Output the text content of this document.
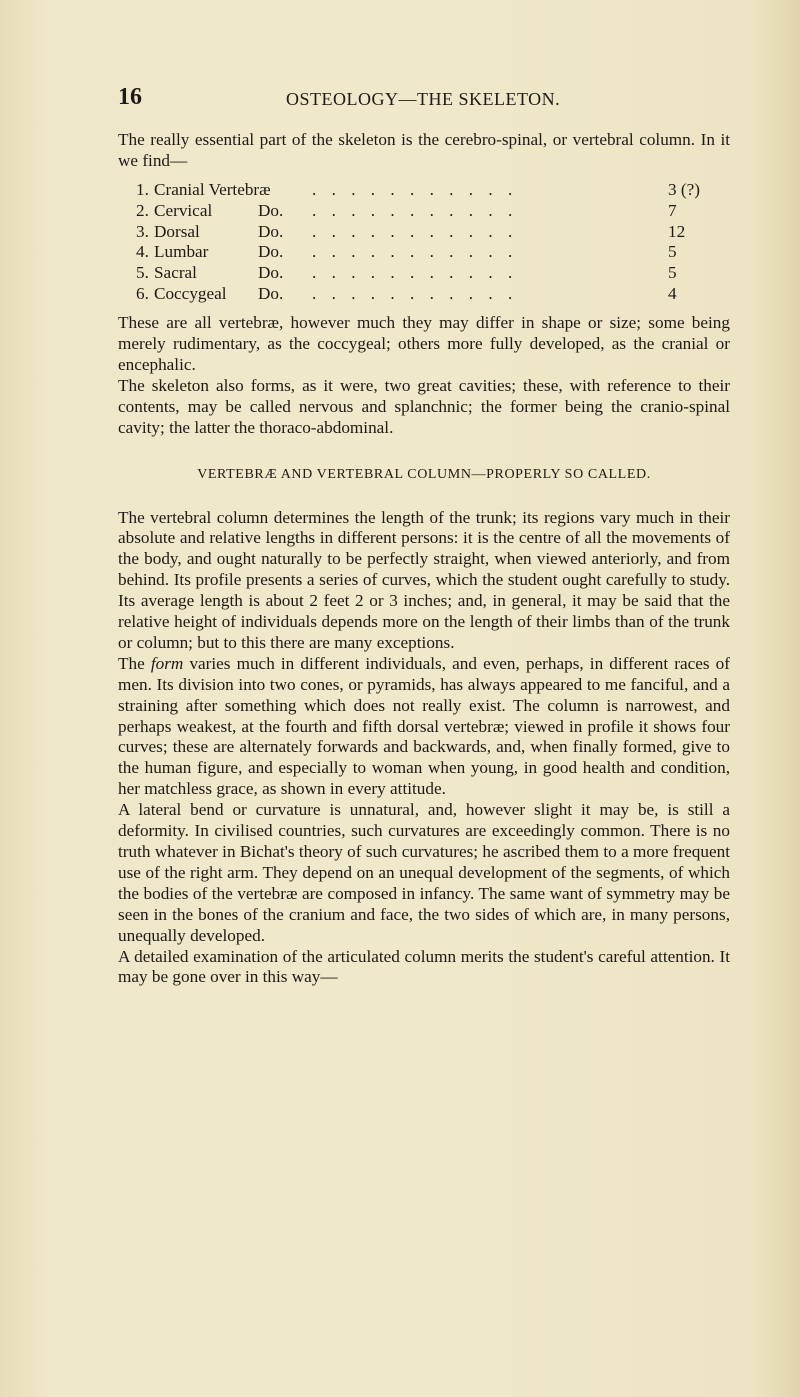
16	OSTEOLOGY—THE SKELETON.

The really essential part of the skeleton is the cerebro-spinal, or vertebral column. In it we find—

1. Cranial Vertebræ	. . . . . . . . . . .	3 (?)
2. Cervical	Do.	. . . . . . . . . . .	7
3. Dorsal	Do.	. . . . . . . . . . .	12
4. Lumbar	Do.	. . . . . . . . . . .	5
5. Sacral	Do.	. . . . . . . . . . .	5
6. Coccygeal	Do.	. . . . . . . . . . .	4

These are all vertebræ, however much they may differ in shape or size; some being merely rudimentary, as the coccygeal; others more fully developed, as the cranial or encephalic.

The skeleton also forms, as it were, two great cavities; these, with reference to their contents, may be called nervous and splanchnic; the former being the cranio-spinal cavity; the latter the thoraco-abdominal.

VERTEBRÆ AND VERTEBRAL COLUMN—PROPERLY SO CALLED.

The vertebral column determines the length of the trunk; its regions vary much in their absolute and relative lengths in different persons: it is the centre of all the movements of the body, and ought naturally to be perfectly straight, when viewed anteriorly, and from behind. Its profile presents a series of curves, which the student ought carefully to study. Its average length is about 2 feet 2 or 3 inches; and, in general, it may be said that the relative height of individuals depends more on the length of their limbs than of the trunk or column; but to this there are many exceptions.

The form varies much in different individuals, and even, perhaps, in different races of men. Its division into two cones, or pyramids, has always appeared to me fanciful, and a straining after something which does not really exist. The column is narrowest, and perhaps weakest, at the fourth and fifth dorsal vertebræ; viewed in profile it shows four curves; these are alternately forwards and backwards, and, when finally formed, give to the human figure, and especially to woman when young, in good health and condition, her matchless grace, as shown in every attitude.

A lateral bend or curvature is unnatural, and, however slight it may be, is still a deformity. In civilised countries, such curvatures are exceedingly common. There is no truth whatever in Bichat's theory of such curvatures; he ascribed them to a more frequent use of the right arm. They depend on an unequal development of the segments, of which the bodies of the vertebræ are composed in infancy. The same want of symmetry may be seen in the bones of the cranium and face, the two sides of which are, in many persons, unequally developed.

A detailed examination of the articulated column merits the student's careful attention. It may be gone over in this way—
